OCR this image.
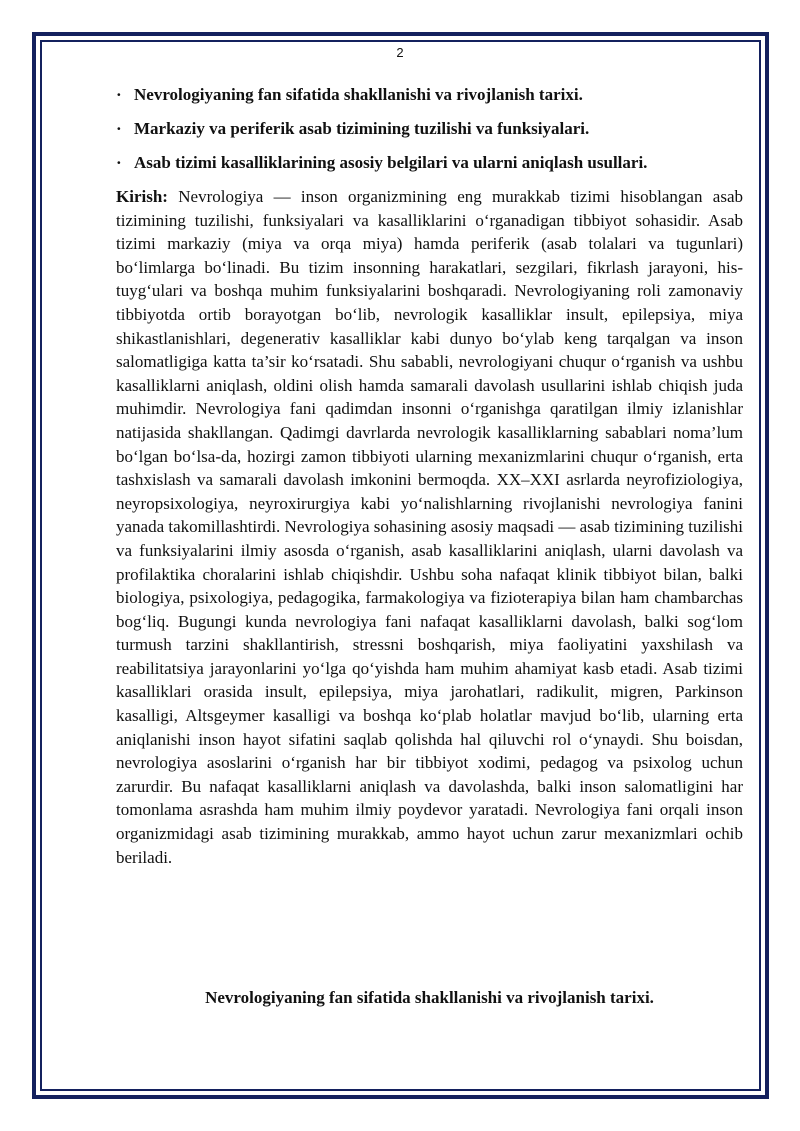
2
· Nevrologiyaning fan sifatida shakllanishi va rivojlanish tarixi.
· Markaziy va periferik asab tizimining tuzilishi va funksiyalari.
· Asab tizimi kasalliklarining asosiy belgilari va ularni aniqlash usullari.

Kirish: Nevrologiya — inson organizmining eng murakkab tizimi hisoblangan asab tizimining tuzilishi, funksiyalari va kasalliklarini o‘rganadigan tibbiyot sohasidir. Asab tizimi markaziy (miya va orqa miya) hamda periferik (asab tolalari va tugunlari) bo‘limlarga bo‘linadi. Bu tizim insonning harakatlari, sezgilari, fikrlash jarayoni, his-tuyg‘ulari va boshqa muhim funksiyalarini boshqaradi. Nevrologiyaning roli zamonaviy tibbiyotda ortib borayotgan bo‘lib, nevrologik kasalliklar insult, epilepsiya, miya shikastlanishlari, degenerativ kasalliklar kabi dunyo bo‘ylab keng tarqalgan va inson salomatligiga katta ta’sir ko‘rsatadi. Shu sababli, nevrologiyani chuqur o‘rganish va ushbu kasalliklarni aniqlash, oldini olish hamda samarali davolash usullarini ishlab chiqish juda muhimdir. Nevrologiya fani qadimdan insonni o‘rganishga qaratilgan ilmiy izlanishlar natijasida shakllangan. Qadimgi davrlarda nevrologik kasalliklarning sabablari noma’lum bo‘lgan bo‘lsa-da, hozirgi zamon tibbiyoti ularning mexanizmlarini chuqur o‘rganish, erta tashxislash va samarali davolash imkonini bermoqda. XX–XXI asrlarda neyrofiziologiya, neyropsixologiya, neyroxirurgiya kabi yo‘nalishlarning rivojlanishi nevrologiya fanini yanada takomillashtirdi. Nevrologiya sohasining asosiy maqsadi — asab tizimining tuzilishi va funksiyalarini ilmiy asosda o‘rganish, asab kasalliklarini aniqlash, ularni davolash va profilaktika choralarini ishlab chiqishdir. Ushbu soha nafaqat klinik tibbiyot bilan, balki biologiya, psixologiya, pedagogika, farmakologiya va fizioterapiya bilan ham chambarchas bog‘liq. Bugungi kunda nevrologiya fani nafaqat kasalliklarni davolash, balki sog‘lom turmush tarzini shakllantirish, stressni boshqarish, miya faoliyatini yaxshilash va reabilitatsiya jarayonlarini yo‘lga qo‘yishda ham muhim ahamiyat kasb etadi. Asab tizimi kasalliklari orasida insult, epilepsiya, miya jarohatlari, radikulit, migren, Parkinson kasalligi, Altsgeymer kasalligi va boshqa ko‘plab holatlar mavjud bo‘lib, ularning erta aniqlanishi inson hayot sifatini saqlab qolishda hal qiluvchi rol o‘ynaydi. Shu boisdan, nevrologiya asoslarini o‘rganish har bir tibbiyot xodimi, pedagog va psixolog uchun zarurdir. Bu nafaqat kasalliklarni aniqlash va davolashda, balki inson salomatligini har tomonlama asrashda ham muhim ilmiy poydevor yaratadi. Nevrologiya fani orqali inson organizmidagi asab tizimining murakkab, ammo hayot uchun zarur mexanizmlari ochib beriladi.

Nevrologiyaning fan sifatida shakllanishi va rivojlanish tarixi.
